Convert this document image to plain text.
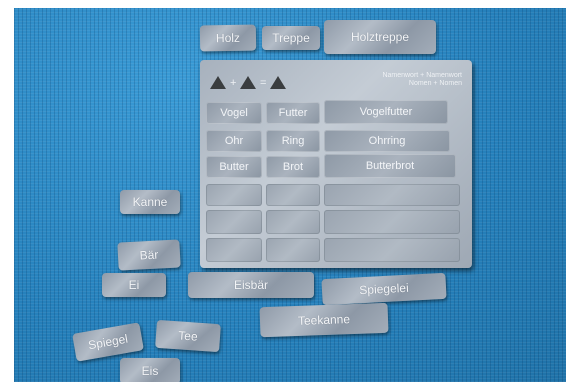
Holz	Treppe	Holztreppe
+ =
Namenwort + Namenwort
Nomen + Nomen
Vogel	Futter	Vogelfutter
Ohr	Ring	Ohrring
Butter	Brot	Butterbrot
Kanne
Bär
Ei	Eisbär	Spiegelei
Teekanne
Spiegel	Tee
Eis
